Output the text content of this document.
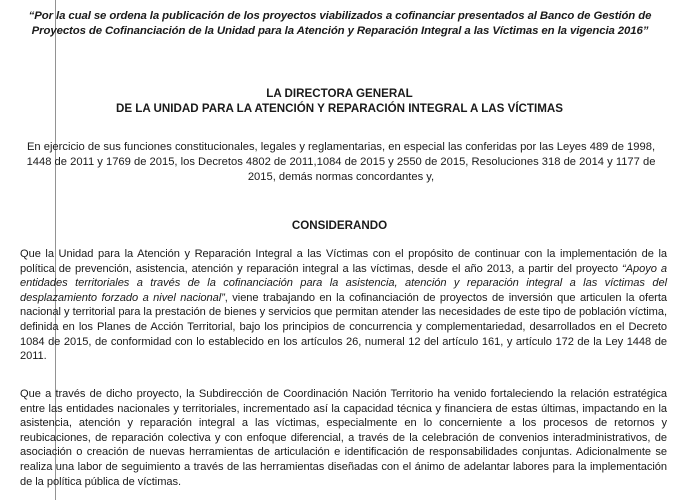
“Por la cual se ordena la publicación de los proyectos viabilizados a cofinanciar presentados al Banco de Gestión de Proyectos de Cofinanciación de la Unidad para la Atención y Reparación Integral a las Víctimas en la vigencia 2016”
LA DIRECTORA GENERAL
DE LA UNIDAD PARA LA ATENCIÓN Y REPARACIÓN INTEGRAL A LAS VÍCTIMAS
En ejercicio de sus funciones constitucionales, legales y reglamentarias, en especial las conferidas por las Leyes 489 de 1998, 1448 de 2011 y 1769 de 2015, los Decretos 4802 de 2011,1084 de 2015 y 2550 de 2015, Resoluciones 318 de 2014 y 1177 de 2015, demás normas concordantes y,
CONSIDERANDO
Que la Unidad para la Atención y Reparación Integral a las Víctimas con el propósito de continuar con la implementación de la política de prevención, asistencia, atención y reparación integral a las víctimas, desde el año 2013, a partir del proyecto “Apoyo a entidades territoriales a través de la cofinanciación para la asistencia, atención y reparación integral a las víctimas del desplazamiento forzado a nivel nacional”, viene trabajando en la cofinanciación de proyectos de inversión que articulen la oferta nacional y territorial para la prestación de bienes y servicios que permitan atender las necesidades de este tipo de población víctima, definida en los Planes de Acción Territorial, bajo los principios de concurrencia y complementariedad, desarrollados en el Decreto 1084 de 2015, de conformidad con lo establecido en los artículos 26, numeral 12 del artículo 161, y artículo 172 de la Ley 1448 de 2011.
Que a través de dicho proyecto, la Subdirección de Coordinación Nación Territorio ha venido fortaleciendo la relación estratégica entre las entidades nacionales y territoriales, incrementado así la capacidad técnica y financiera de estas últimas, impactando en la asistencia, atención y reparación integral a las víctimas, especialmente en lo concerniente a los procesos de retornos y reubicaciones, de reparación colectiva y con enfoque diferencial, a través de la celebración de convenios interadministrativos, de asociación o creación de nuevas herramientas de articulación e identificación de responsabilidades conjuntas. Adicionalmente se realiza una labor de seguimiento a través de las herramientas diseñadas con el ánimo de adelantar labores para la implementación de la política pública de víctimas.
